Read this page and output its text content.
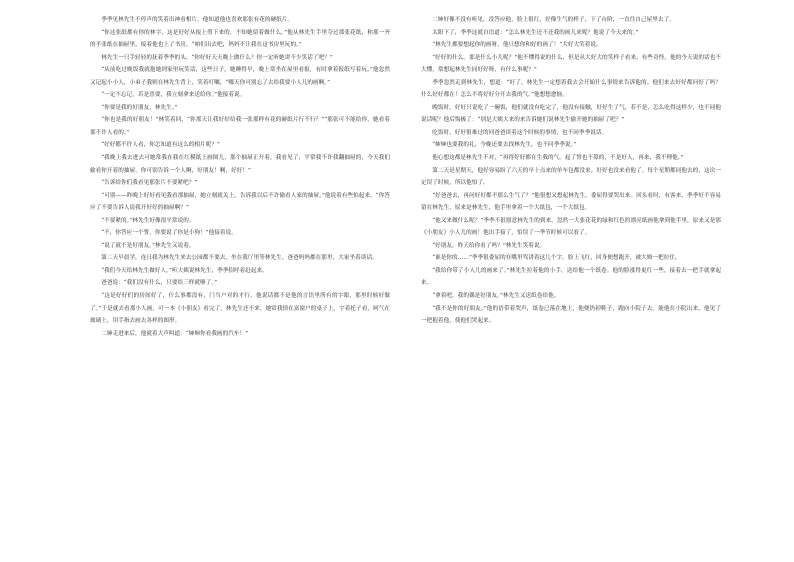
季季见林先生不停声的笑着出神看相片，他知道他也喜欢那张有花的硬纸片。

“你这张纸都有你的林字，这是好好从报上剪下来的，不知她留着做什么。”他从林先生手里夺过那张花纸，和那一齐的半张纸在抽屉里，接着他也上了书房，“咱们出去吧，妈妈不让我在这书房里玩的。”

林先生一只手轻轻的抚着季季的头，“你好好天天晚上做什么？你一定听她讲不少笑话了吧？”

“从前吃过晚饭我就抱她到家里玩笑话，这些日子，她睡得早，晚上常坐在屋里看报，有时拿着报纸写着玩。”他忽然又记起小小人，小弟子我则在林先生背上，笑着叮嘱，“哪天你可别忘了去给我要小人儿的画啊。”

“一定不忘记，若是喜要，我立刻拿来送给你。”他接着说。

“你要是我的好朋友，林先生。”

“你也是我的好朋友！”林笑着回，“你那天让我好好给我一张那样有花的硬纸片行不行？”“那张可不能给你，她看着那不许人看的。”

“好好都不许人看，你怎知道有这么的相片呢？”

“我晚上我去进去可她常我在我在红模纸上画图儿，那个抽屉正开着，我看见了，平常我不许我翻抽屉的，今天我们偷看你开着的抽屉，你可别告诉一个人啊，好朋友！啊，好好！”

“告诉给你们我看见那张片不要紧吧？”

“可别——昨晚上好好看见我看那抽屉，她立刻就关上，告诉我以后不许偷看人家的抽屉。”他说着有些怕起来，“你答应了不要告诉人说我开好好的抽屉啊？”

“不要紧的。”林先生好像很平常说的。

“不，你答应一个誓，你要说了你是小狗！”他接着说。

“说了就不是好朋友。”林先生又说着。

第二天早晨学，连日我为林先生来去公园都不要去，坐在我厅里等林先生。爸爸妈妈都在那里，大家坐着谈话。

“我们今天给林先生做好人。”听大姨说林先生，季季招呼着赶起来。

爸爸说：“我们没有什么，只要给三样就够了。”

“这是好好们的房间好了，什么事都没有，门当户对的才行，他说话都不是他的言语里所有的字眼，那里时候好做了。”于是就去看那小人画，可一本《小朋友》看完了，林先生还不来。她赏我情在富窗户的桌子上，宇着托子看，呵气在玻璃上，用手指去画去各样的图形。

二婶走进来后，他就着大声叫道：“婶婶你看我画的汽车！”

二婶好像不没有听见，没答应他，脸上很红，好像生气的样子，下了台阶，一直往自己屋里去了。

太阳下了，季季这就自语道：“怎么林先生还不还我的画儿来呢？他说了今天来的。”

“林先生都要想起你的画呀，他只想你和好的画了！”大好大笑着说。

“好好的什么。那是什么小儿呢？”他不懂得说的什么，但是从大好大的笑样子看来，有些奇怪。他的今天说的话也不大懂，常想起林先生同好好呀，有什么事呢？”

季季忽然走到林先生，想道：“好了，林先生一定想着我去会开始什么事情来告诉他的。他们来去好好都问好了吗？什么好好都在！怎么不将好好分开去我的气。”他想想愈恼。

晚饭时，好好只说吃了一碗饭，他们就没有吃完了，他没有接触，好好生了气，若不是，怎么吃得这样少，也不同他说话呢？他后悔极了：“别是大姨大来的来告诉她们说林先生偷开她的抽屉了吧？”

吃饭时，好好很难过的同爸爸谈着这个时候的事情，也不同季季说话。

“婶婶也要我的礼，今晚还要去找林先生，也不问季季说。”

他心想这都是林先生不对，“再得好好都在生我的气。起了誓也不算的，不是好人，再来，我不理他。”

第二天是星期天，他好容易盼了六天的早十点来的单车包都没来。好好也没来看他了。每个星期都同他去的，这次一定误了时候，所以他怕了。

“好爸爸去，再问好好都不那么生气了？”他很想又想起林先生，委屈得要哭出来。回头看时，有客来，季季好不容易留在林先生，原来是林先生，他手里拿着一个大纸包，一个大纸包。

“他又来做什么呢？”季季不很愿意林先生的到来。忽然一大张花花的绿和红色的漂亮纸画他拿到他手里，原来又是那《小朋友》小人儿的画！他出手接了，怕误了一季节时候可以看了。

“好朋友，昨天给你看了吗？”林先生笑着说。

“谁是你的……”季季很委屈的在嘴里骂讲着这几个字，脸上飞红，回身便想跑开，被大姆一把拉住。

“我给你带了小人儿的画来了。”林先生拉着他的小手，送给他一个纸卷。他的脸涨得更红一些，接着去一把手就拿起来。

“拿着吧，我的偶是好朋友。”林先生又送纸卷给他。

“我不是你的好朋友。”他的语带着哭声，纸卷已落在地上，他便扔掉鞋子，跑向小院子去。能他在小院出来，他见了一把抱着他，使他们哭起来。
